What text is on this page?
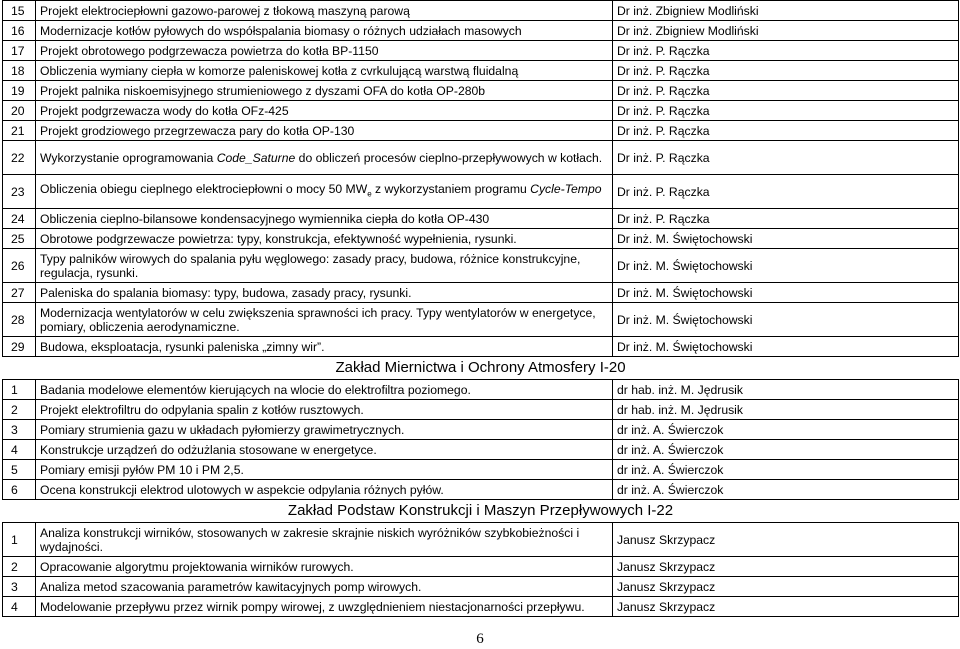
15	Projekt elektrociepłowni gazowo-parowej z tłokową maszyną parową	Dr inż. Zbigniew Modliński
16	Modernizacje kotłów pyłowych do współspalania biomasy o różnych udziałach masowych	Dr inż. Zbigniew Modliński
17	Projekt obrotowego podgrzewacza powietrza do kotła BP-1150	Dr inż. P. Rączka
18	Obliczenia wymiany ciepła w komorze paleniskowej kotła z cvrkulującą warstwą fluidalną	Dr inż. P. Rączka
19	Projekt palnika niskoemisyjnego strumieniowego z dyszami OFA do kotła OP-280b	Dr inż. P. Rączka
20	Projekt podgrzewacza wody do kotła OFz-425	Dr inż. P. Rączka
21	Projekt grodziowego przegrzewacza pary do kotła OP-130	Dr inż. P. Rączka
22	Wykorzystanie oprogramowania Code_Saturne do obliczeń procesów cieplno-przepływowych w kotłach.	Dr inż. P. Rączka
23	Obliczenia obiegu cieplnego elektrociepłowni o mocy 50 $MW_e$ z wykorzystaniem programu Cycle-Tempo	Dr inż. P. Rączka
24	Obliczenia cieplno-bilansowe kondensacyjnego wymiennika ciepła do kotła OP-430	Dr inż. P. Rączka
25	Obrotowe podgrzewacze powietrza: typy, konstrukcja, efektywność wypełnienia, rysunki.	Dr inż. M. Świętochowski
26	Typy palników wirowych do spalania pyłu węglowego: zasady pracy, budowa, różnice konstrukcyjne, regulacja, rysunki.	Dr inż. M. Świętochowski
27	Paleniska do spalania biomasy: typy, budowa, zasady pracy, rysunki.	Dr inż. M. Świętochowski
28	Modernizacja wentylatorów w celu zwiększenia sprawności ich pracy. Typy wentylatorów w energetyce, pomiary, obliczenia aerodynamiczne.	Dr inż. M. Świętochowski
29	Budowa, eksploatacja, rysunki paleniska „zimny wir”.	Dr inż. M. Świętochowski
Zakład Miernictwa i Ochrony Atmosfery I-20		
1	Badania modelowe elementów kierujących na wlocie do elektrofiltra poziomego.	dr hab. inż. M. Jędrusik
2	Projekt elektrofiltru do odpylania spalin z kotłów rusztowych.	dr hab. inż. M. Jędrusik
3	Pomiary strumienia gazu w układach pyłomierzy grawimetrycznych.	dr inż. A. Świerczok
4	Konstrukcje urządzeń do odżużlania stosowane w energetyce.	dr inż. A. Świerczok
5	Pomiary emisji pyłów PM 10 i PM 2,5.	dr inż. A. Świerczok
6	Ocena konstrukcji elektrod ulotowych w aspekcie odpylania różnych pyłów.	dr inż. A. Świerczok
Zakład Podstaw Konstrukcji i Maszyn Przepływowych I-22		
1	Analiza konstrukcji wirników, stosowanych w zakresie skrajnie niskich wyróżników szybkobieżności i wydajności.	Janusz Skrzypacz
2	Opracowanie algorytmu projektowania wirników rurowych.	Janusz Skrzypacz
3	Analiza metod szacowania parametrów kawitacyjnych pomp wirowych.	Janusz Skrzypacz
4	Modelowanie przepływu przez wirnik pompy wirowej, z uwzględnieniem niestacjonarności przepływu.	Janusz Skrzypacz
6
